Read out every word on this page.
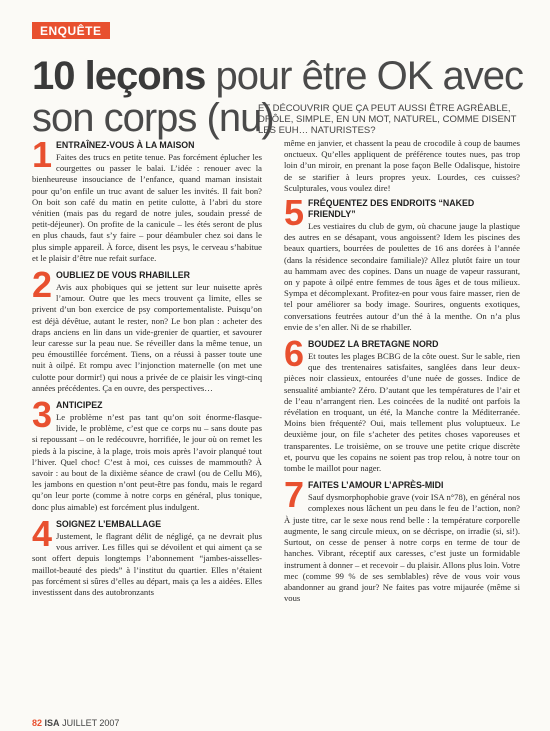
ENQUÊTE
10 leçons pour être OK avec
son corps (nu)
ET DÉCOUVRIR QUE ÇA PEUT AUSSI ÊTRE AGRÉABLE, DRÔLE, SIMPLE, EN UN MOT, NATUREL, COMME DISENT LES EUH… NATURISTES?
1 ENTRAÎNEZ-VOUS À LA MAISON

Faites des trucs en petite tenue. Pas forcément éplucher les courgettes ou passer le balai. L’idée : renouer avec la bienheureuse insouciance de l’enfance, quand maman insistait pour qu’on enfile un truc avant de saluer les invités. Il fait bon? On boit son café du matin en petite culotte, à l’abri du store vénitien (mais pas du regard de notre jules, soudain pressé de petit-déjeuner). On profite de la canicule – les étés seront de plus en plus chauds, faut s’y faire – pour déambuler chez soi dans le plus simple appareil. À force, disent les psys, le cerveau s’habitue et le plaisir d’être nue refait surface.

2 OUBLIEZ DE VOUS RHABILLER

Avis aux phobiques qui se jettent sur leur nuisette après l’amour. Outre que les mecs trouvent ça limite, elles se privent d’un bon exercice de psy comportementaliste. Puisqu’on est déjà dévêtue, autant le rester, non? Le bon plan : acheter des draps anciens en lin dans un vide-grenier de quartier, et savourer leur caresse sur la peau nue. Se réveiller dans la même tenue, un peu émoustillée forcément. Tiens, on a réussi à passer toute une nuit à oilpé. Et rompu avec l’injonction maternelle (on met une culotte pour dormir!) qui nous a privée de ce plaisir les vingt-cinq années précédentes. Ça en ouvre, des perspectives…

3 ANTICIPEZ

Le problème n’est pas tant qu’on soit énorme-flasque-livide, le problème, c’est que ce corps nu – sans doute pas si repoussant – on le redécouvre, horrifiée, le jour où on remet les pieds à la piscine, à la plage, trois mois après l’avoir planqué tout l’hiver. Quel choc! C’est à moi, ces cuisses de mammouth? À savoir : au bout de la dixième séance de crawl (ou de Cellu M6), les jambons en question n’ont peut-être pas fondu, mais le regard qu’on leur porte (comme à notre corps en général, plus tonique, donc plus aimable) est forcément plus indulgent.

4 SOIGNEZ L’EMBALLAGE

Justement, le flagrant délit de négligé, ça ne devrait plus vous arriver. Les filles qui se dévoilent et qui aiment ça se sont offert depuis longtemps l’abonnement “jambes-aisselles-maillot-beauté des pieds” à l’institut du quartier. Elles n’étaient pas forcément si sûres d’elles au départ, mais ça les a aidées. Elles investissent dans des autobronzants

même en janvier, et chassent la peau de crocodile à coup de baumes onctueux. Qu’elles appliquent de préférence toutes nues, pas trop loin d’un miroir, en prenant la pose façon Belle Odalisque, histoire de se starifier à leurs propres yeux. Lourdes, ces cuisses? Sculpturales, vous voulez dire!

5 FRÉQUENTEZ DES ENDROITS “NAKED FRIENDLY”

Les vestiaires du club de gym, où chacune jauge la plastique des autres en se désapant, vous angoissent? Idem les piscines des beaux quartiers, bourrées de poulettes de 16 ans dorées à l’année (dans la résidence secondaire familiale)? Allez plutôt faire un tour au hammam avec des copines. Dans un nuage de vapeur rassurant, on y papote à oilpé entre femmes de tous âges et de tous milieux. Sympa et décomplexant. Profitez-en pour vous faire masser, rien de tel pour améliorer sa body image. Sourires, onguents exotiques, conversations feutrées autour d’un thé à la menthe. On n’a plus envie de s’en aller. Ni de se rhabiller.

6 BOUDEZ LA BRETAGNE NORD

Et toutes les plages BCBG de la côte ouest. Sur le sable, rien que des trentenaires satisfaites, sanglées dans leur deux-pièces noir classieux, entourées d’une nuée de gosses. Indice de sensualité ambiante? Zéro. D’autant que les températures de l’air et de l’eau n’arrangent rien. Les coincées de la nudité ont parfois la révélation en troquant, un été, la Manche contre la Méditerranée. Moins bien fréquenté? Oui, mais tellement plus voluptueux. Le deuxième jour, on file s’acheter des petites choses vaporeuses et transparentes. Le troisième, on se trouve une petite crique discrète et, pourvu que les copains ne soient pas trop relou, à notre tour on tombe le maillot pour nager.

7 FAITES L’AMOUR L’APRÈS-MIDI

Sauf dysmorphophobie grave (voir ISA n°78), en général nos complexes nous lâchent un peu dans le feu de l’action, non? À juste titre, car le sexe nous rend belle : la température corporelle augmente, le sang circule mieux, on se décrispe, on irradie (si, si!). Surtout, on cesse de penser à notre corps en terme de tour de hanches. Vibrant, réceptif aux caresses, c’est juste un formidable instrument à donner – et recevoir – du plaisir. Allons plus loin. Votre mec (comme 99 % de ses semblables) rêve de vous voir vous abandonner au grand jour? Ne faites pas votre mijaurée (même si vous

82 ISA JUILLET 2007
